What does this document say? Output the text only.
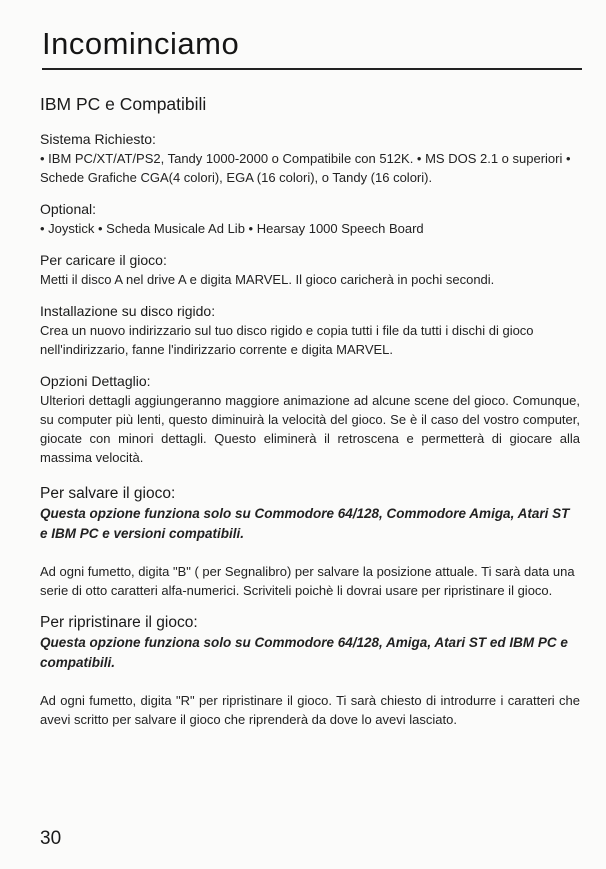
Incominciamo
IBM PC e Compatibili
Sistema Richiesto:

• IBM PC/XT/AT/PS2, Tandy 1000-2000 o Compatibile con 512K. • MS DOS 2.1 o superiori • Schede Grafiche CGA(4 colori), EGA (16 colori), o Tandy (16 colori).

Optional:

• Joystick • Scheda Musicale Ad Lib • Hearsay 1000 Speech Board

Per caricare il gioco:

Metti il disco A nel drive A e digita MARVEL. Il gioco caricherà in pochi secondi.

Installazione su disco rigido:

Crea un nuovo indirizzario sul tuo disco rigido e copia tutti i file da tutti i dischi di gioco nell'indirizzario, fanne l'indirizzario corrente e digita MARVEL.

Opzioni Dettaglio:

Ulteriori dettagli aggiungeranno maggiore animazione ad alcune scene del gioco. Comunque, su computer più lenti, questo diminuirà la velocità del gioco. Se è il caso del vostro computer, giocate con minori dettagli. Questo eliminerà il retroscena e permetterà di giocare alla massima velocità.

Per salvare il gioco:

Questa opzione funziona solo su Commodore 64/128, Commodore Amiga, Atari ST e IBM PC e versioni compatibili.

Ad ogni fumetto, digita "B" ( per Segnalibro) per salvare la posizione attuale. Ti sarà data una serie di otto caratteri alfa-numerici. Scriviteli poichè li dovrai usare per ripristinare il gioco.

Per ripristinare il gioco:

Questa opzione funziona solo su Commodore 64/128, Amiga, Atari ST ed IBM PC e compatibili.

Ad ogni fumetto, digita "R" per ripristinare il gioco. Ti sarà chiesto di introdurre i caratteri che avevi scritto per salvare il gioco che riprenderà da dove lo avevi lasciato.

30
